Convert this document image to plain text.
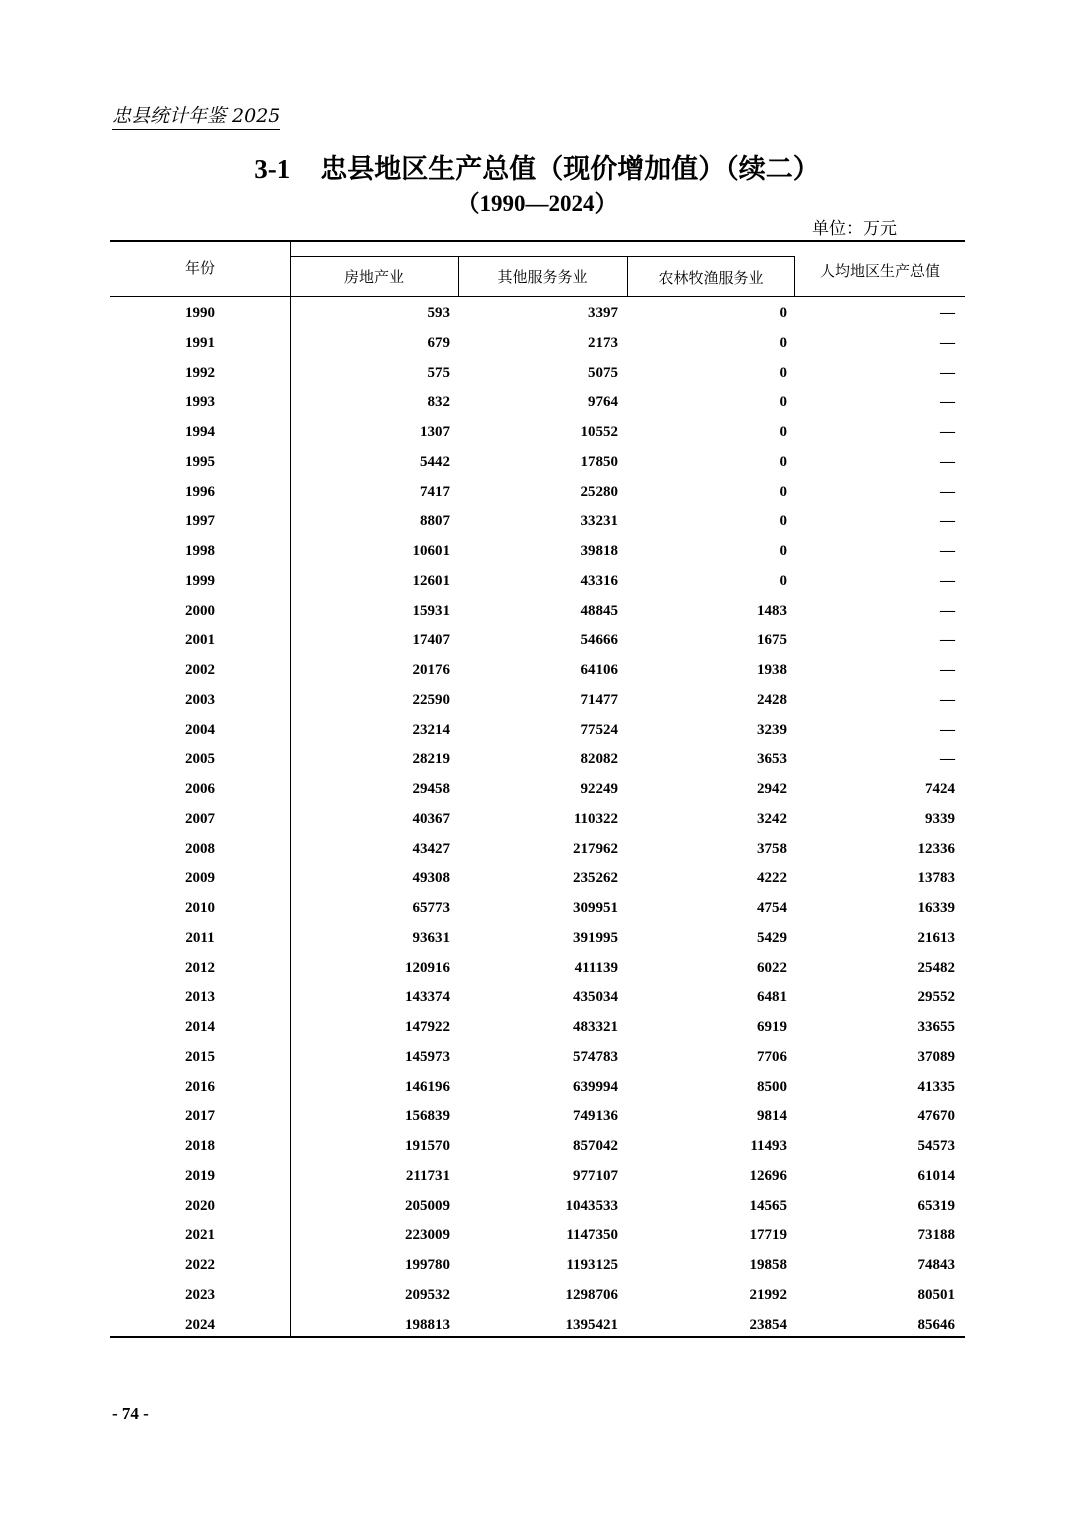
忠县统计年鉴 2025
3-1 忠县地区生产总值（现价增加值）（续二）
（1990—2024）
单位：万元
年份	房地产业	其他服务务业	农林牧渔服务业	人均地区生产总值
1990	593	3397	0	—
1991	679	2173	0	—
1992	575	5075	0	—
1993	832	9764	0	—
1994	1307	10552	0	—
1995	5442	17850	0	—
1996	7417	25280	0	—
1997	8807	33231	0	—
1998	10601	39818	0	—
1999	12601	43316	0	—
2000	15931	48845	1483	—
2001	17407	54666	1675	—
2002	20176	64106	1938	—
2003	22590	71477	2428	—
2004	23214	77524	3239	—
2005	28219	82082	3653	—
2006	29458	92249	2942	7424
2007	40367	110322	3242	9339
2008	43427	217962	3758	12336
2009	49308	235262	4222	13783
2010	65773	309951	4754	16339
2011	93631	391995	5429	21613
2012	120916	411139	6022	25482
2013	143374	435034	6481	29552
2014	147922	483321	6919	33655
2015	145973	574783	7706	37089
2016	146196	639994	8500	41335
2017	156839	749136	9814	47670
2018	191570	857042	11493	54573
2019	211731	977107	12696	61014
2020	205009	1043533	14565	65319
2021	223009	1147350	17719	73188
2022	199780	1193125	19858	74843
2023	209532	1298706	21992	80501
2024	198813	1395421	23854	85646
- 74 -
